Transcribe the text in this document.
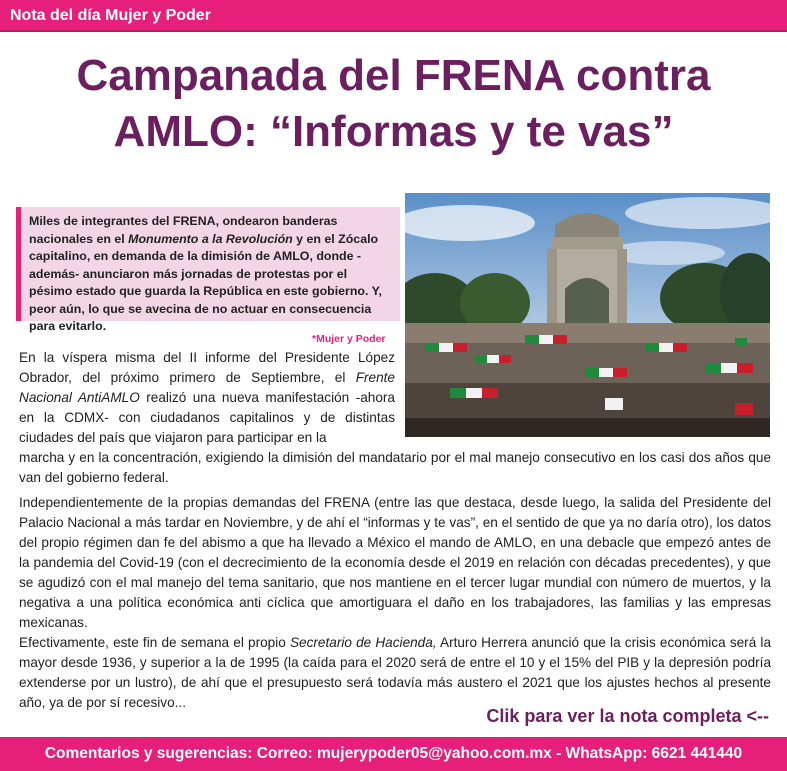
Nota del día Mujer y Poder
Campanada del FRENA contra
AMLO: “Informas y te vas”
Miles de integrantes del FRENA, ondearon banderas nacionales en el Monumento a la Revolución y en el Zócalo capitalino, en demanda de la dimisión de AMLO, donde -además- anunciaron más jornadas de protestas por el pésimo estado que guarda la República en este gobierno. Y, peor aún, lo que se avecina de no actuar en consecuencia para evitarlo.
*Mujer y Poder
En la víspera misma del II informe del Presidente López Obrador, del próximo primero de Septiembre, el Frente Nacional AntiAMLO realizó una nueva manifestación -ahora en la CDMX- con ciudadanos capitalinos y de distintas ciudades del país que viajaron para participar en la
marcha y en la concentración, exigiendo la dimisión del mandatario por el mal manejo consecutivo en los casi dos años que van del gobierno federal.
Independientemente de la propias demandas del FRENA (entre las que destaca, desde luego, la salida del Presidente del Palacio Nacional a más tardar en Noviembre, y de ahí el “informas y te vas”, en el sentido de que ya no daría otro), los datos del propio régimen dan fe del abismo a que ha llevado a México el mando de AMLO, en una debacle que empezó antes de la pandemia del Covid-19 (con el decrecimiento de la economía desde el 2019 en relación con décadas precedentes), y que se agudizó con el mal manejo del tema sanitario, que nos mantiene en el tercer lugar mundial con número de muertos, y la negativa a una política económica anti cíclica que amortiguara el daño en los trabajadores, las familias y las empresas mexicanas.
Efectivamente, este fin de semana el propio Secretario de Hacienda, Arturo Herrera anunció que la crisis económica será la mayor desde 1936, y superior a la de 1995 (la caída para el 2020 será de entre el 10 y el 15% del PIB y la depresión podría extenderse por un lustro), de ahí que el presupuesto será todavía más austero el 2021 que los ajustes hechos al presente año, ya de por sí recesivo...
Clik para ver la nota completa <--
Comentarios y sugerencias: Correo: mujerypoder05@yahoo.com.mx - WhatsApp: 6621 441440
